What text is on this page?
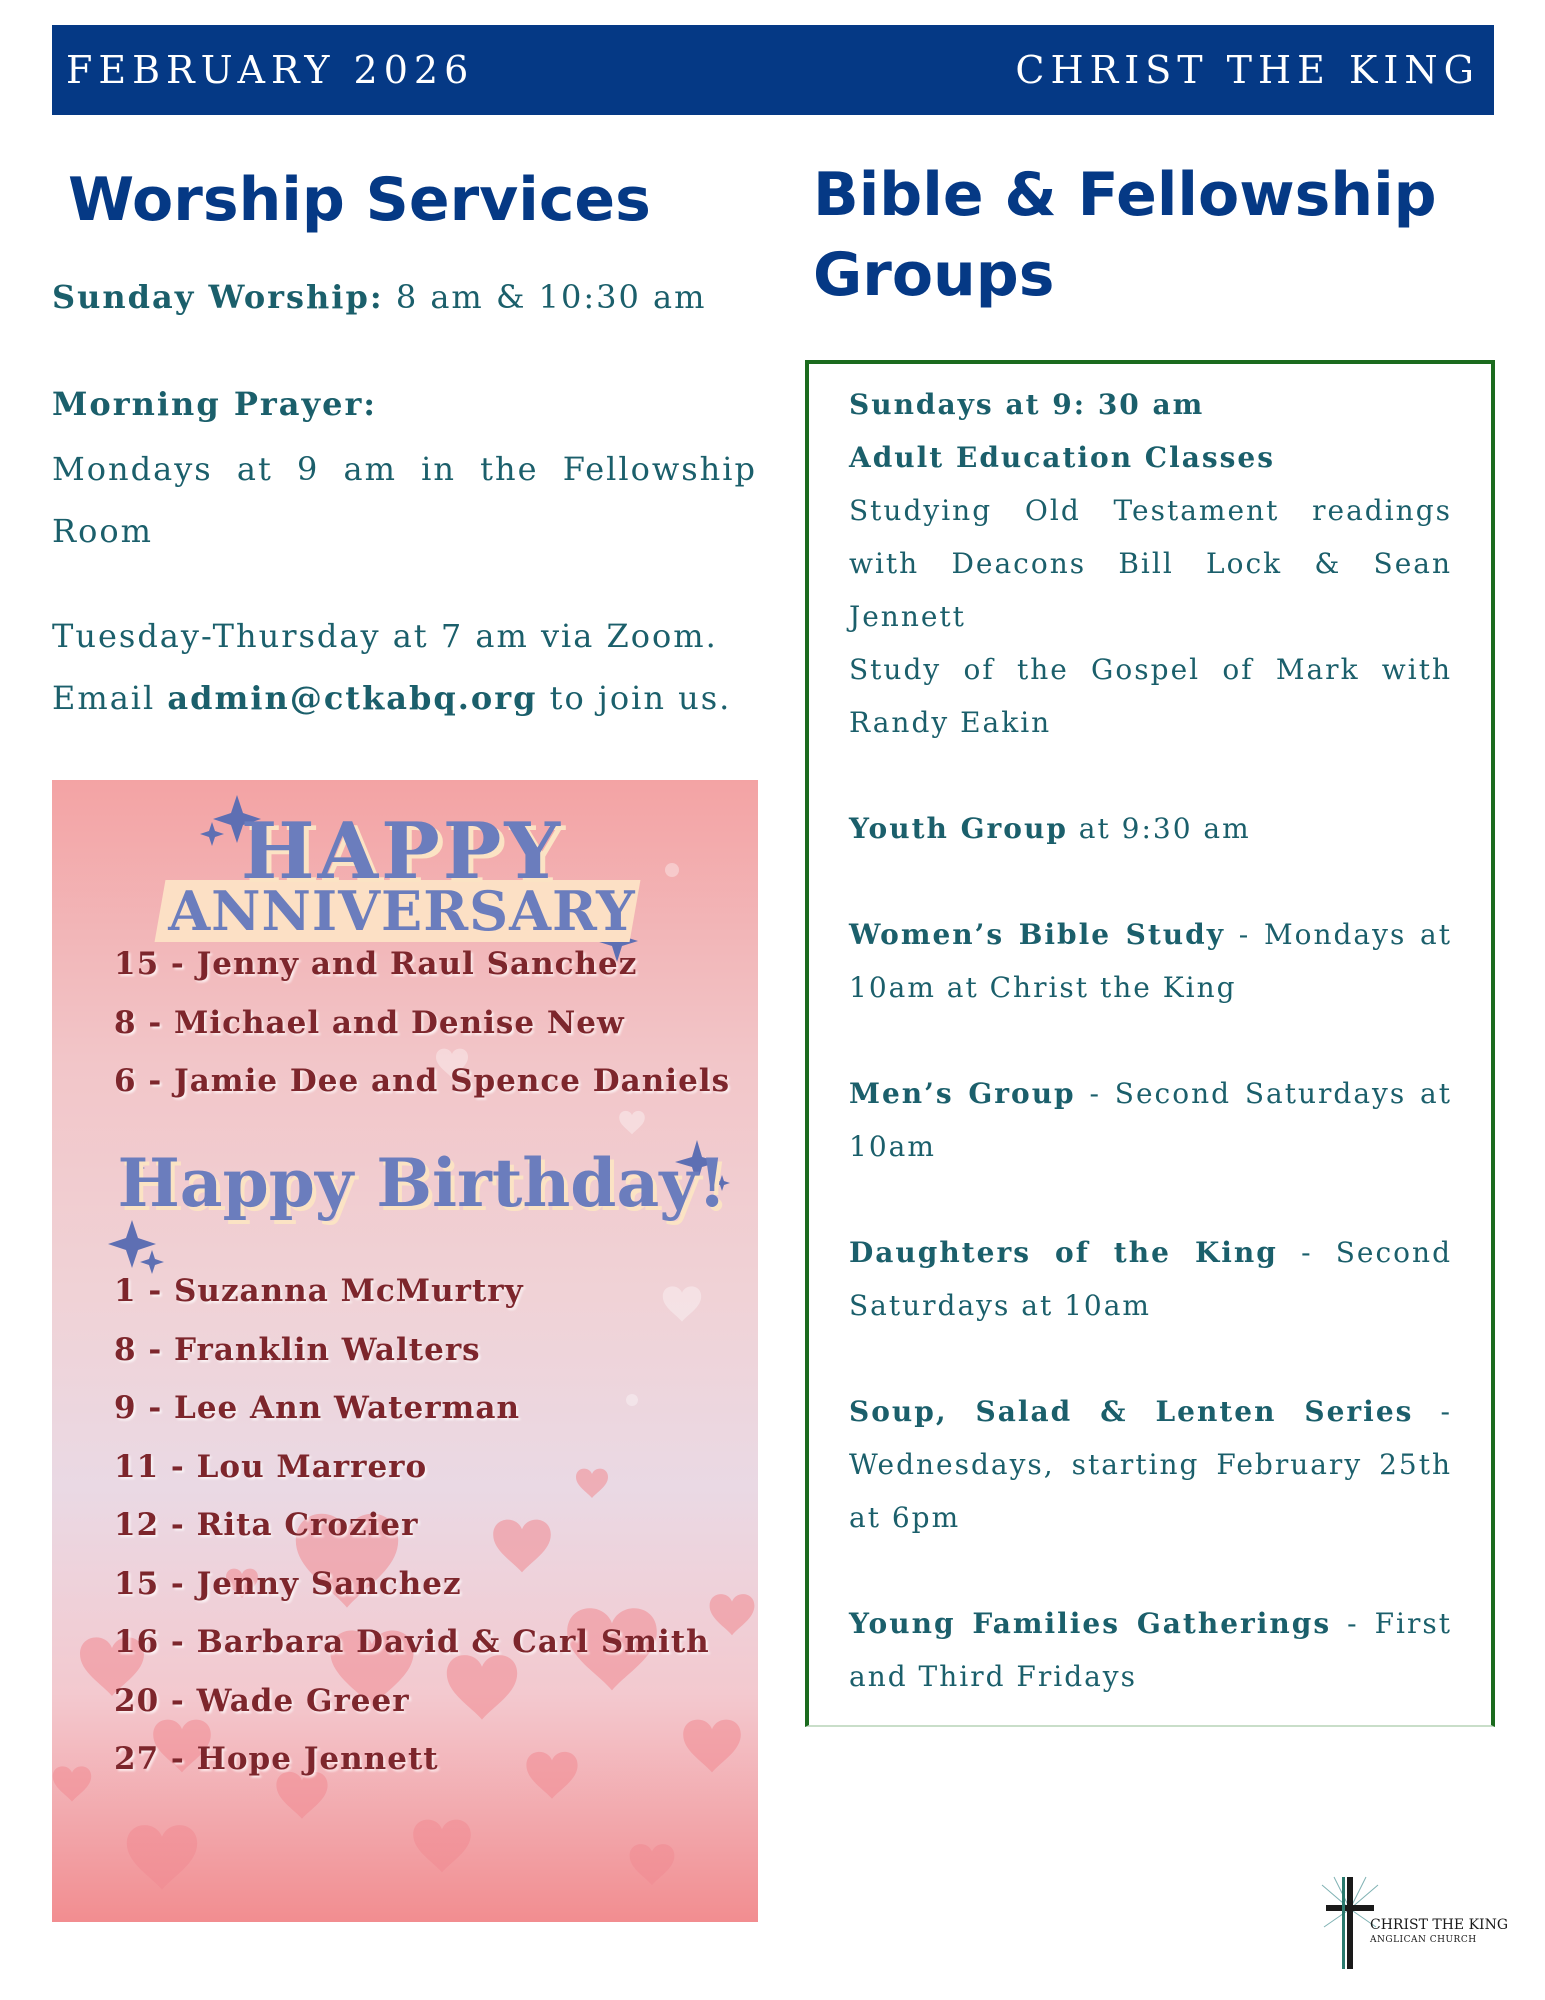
FEBRUARY 2026	CHRIST THE KING
Worship Services
Sunday Worship: 8 am & 10:30 am
Morning Prayer:
Mondays at 9 am in the Fellowship Room
Tuesday-Thursday at 7 am via Zoom.
Email admin@ctkabq.org to join us.
Bible & Fellowship Groups
HAPPY
ANNIVERSARY
15 - Jenny and Raul Sanchez
8 - Michael and Denise New
6 - Jamie Dee and Spence Daniels
Happy Birthday!
1 - Suzanna McMurtry
8 - Franklin Walters
9 - Lee Ann Waterman
11 - Lou Marrero
12 - Rita Crozier
15 - Jenny Sanchez
16 - Barbara David & Carl Smith
20 - Wade Greer
27 - Hope Jennett

Sundays at 9: 30 am

Adult Education Classes

Studying Old Testament readings with Deacons Bill Lock & Sean Jennett

Study of the Gospel of Mark with Randy Eakin

Youth Group at 9:30 am

Women’s Bible Study - Mondays at 10am at Christ the King

Men’s Group - Second Saturdays at 10am

Daughters of the King - Second Saturdays at 10am

Soup, Salad & Lenten Series - Wednesdays, starting February 25th at 6pm

Young Families Gatherings - First and Third Fridays

CHRIST THE KING
ANGLICAN CHURCH
